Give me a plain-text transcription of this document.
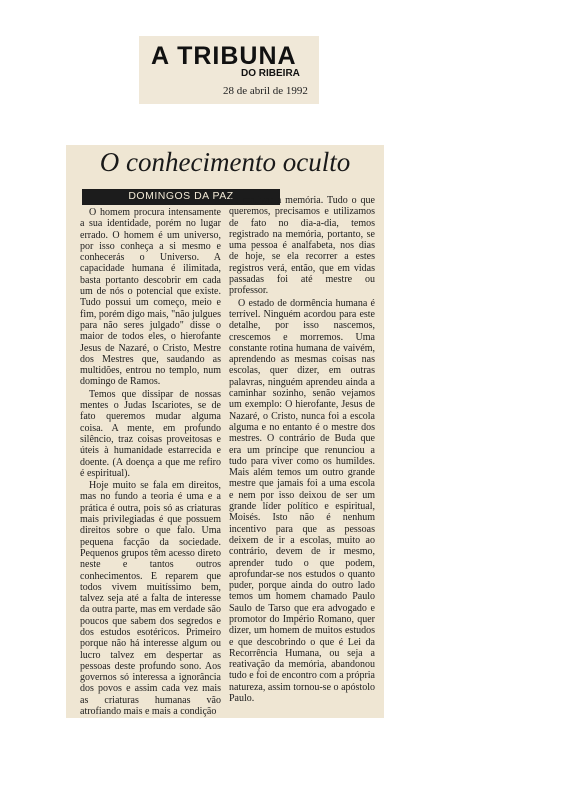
A TRIBUNA
DO RIBEIRA
28 de abril de 1992
O conhecimento oculto
DOMINGOS DA PAZ

O homem procura intensamente a sua identidade, porém no lugar errado. O homem é um universo, por isso conheça a si mesmo e conhecerás o Universo. A capacidade humana é ilimitada, basta portanto descobrir em cada um de nós o potencial que existe. Tudo possui um começo, meio e fim, porém digo mais, "não julgues para não seres julgado" disse o maior de todos eles, o hierofante Jesus de Nazaré, o Cristo, Mestre dos Mestres que, saudando as multidões, entrou no templo, num domingo de Ramos.

Temos que dissipar de nossas mentes o Judas Iscariotes, se de fato queremos mudar alguma coisa. A mente, em profundo silêncio, traz coisas proveitosas e úteis à humanidade estarrecida e doente. (A doença a que me refiro é espiritual).

Hoje muito se fala em direitos, mas no fundo a teoria é uma e a prática é outra, pois só as criaturas mais privilegiadas é que possuem direitos sobre o que falo. Uma pequena facção da sociedade. Pequenos grupos têm acesso direto neste e tantos outros conhecimentos. E reparem que todos vivem muitíssimo bem, talvez seja até a falta de interesse da outra parte, mas em verdade são poucos que sabem dos segredos e dos estudos esotéricos. Primeiro porque não há interesse algum ou lucro talvez em despertar as pessoas deste profundo sono. Aos governos só interessa a ignorância dos povos e assim cada vez mais as criaturas humanas vão atrofiando mais e mais a condição

de reativar a memória. Tudo o que queremos, precisamos e utilizamos de fato no dia-a-dia, temos registrado na memória, portanto, se uma pessoa é analfabeta, nos dias de hoje, se ela recorrer a estes registros verá, então, que em vidas passadas foi até mestre ou professor.

O estado de dormência humana é terrível. Ninguém acordou para este detalhe, por isso nascemos, crescemos e morremos. Uma constante rotina humana de vaivém, aprendendo as mesmas coisas nas escolas, quer dizer, em outras palavras, ninguém aprendeu ainda a caminhar sozinho, senão vejamos um exemplo: O hierofante, Jesus de Nazaré, o Cristo, nunca foi a escola alguma e no entanto é o mestre dos mestres. O contrário de Buda que era um príncipe que renunciou a tudo para viver como os humildes. Mais além temos um outro grande mestre que jamais foi a uma escola e nem por isso deixou de ser um grande líder político e espiritual, Moisés. Isto não é nenhum incentivo para que as pessoas deixem de ir a escolas, muito ao contrário, devem de ir mesmo, aprender tudo o que podem, aprofundar-se nos estudos o quanto puder, porque ainda do outro lado temos um homem chamado Paulo Saulo de Tarso que era advogado e promotor do Império Romano, quer dizer, um homem de muitos estudos e que descobrindo o que é Lei da Recorrência Humana, ou seja a reativação da memória, abandonou tudo e foi de encontro com a própria natureza, assim tornou-se o apóstolo Paulo.
